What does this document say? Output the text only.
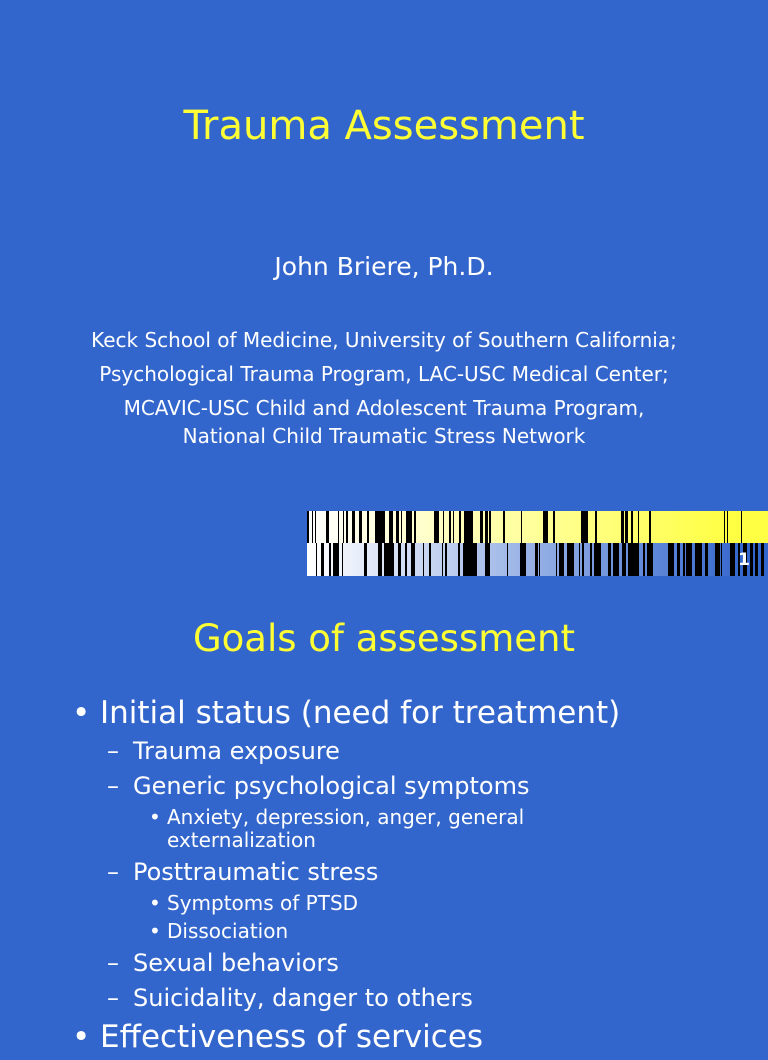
Trauma Assessment
John Briere, Ph.D.

Keck School of Medicine, University of Southern California;

Psychological Trauma Program, LAC-USC Medical Center;

MCAVIC-USC Child and Adolescent Trauma Program, National Child Traumatic Stress Network

1
Goals of assessment
• Initial status (need for treatment)
– Trauma exposure
– Generic psychological symptoms
• Anxiety, depression, anger, general externalization
– Posttraumatic stress
• Symptoms of PTSD
• Dissociation
– Sexual behaviors
– Suicidality, danger to others
• Effectiveness of services
